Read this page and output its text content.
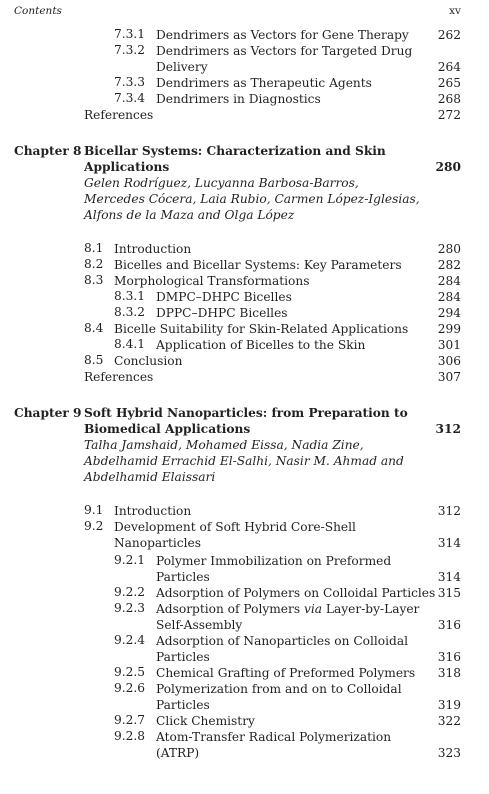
Contents	xv
7.3.1 Dendrimers as Vectors for Gene Therapy 262
7.3.2 Dendrimers as Vectors for Targeted Drug
Delivery	264
7.3.3 Dendrimers as Therapeutic Agents	265
7.3.4 Dendrimers in Diagnostics	268
References	272
Chapter 8 Bicellar Systems: Characterization and Skin
Applications	280
Gelen Rodríguez, Lucyanna Barbosa-Barros,
Mercedes Cócera, Laia Rubio, Carmen López-Iglesias,
Alfons de la Maza and Olga López
8.1 Introduction	280
8.2 Bicelles and Bicellar Systems: Key Parameters	282
8.3 Morphological Transformations	284
8.3.1 DMPC–DHPC Bicelles	284
8.3.2 DPPC–DHPC Bicelles	294
8.4 Bicelle Suitability for Skin-Related Applications 299
8.4.1 Application of Bicelles to the Skin	301
8.5 Conclusion	306
References	307
Chapter 9 Soft Hybrid Nanoparticles: from Preparation to
Biomedical Applications	312
Talha Jamshaid, Mohamed Eissa, Nadia Zine,
Abdelhamid Errachid El-Salhi, Nasir M. Ahmad and
Abdelhamid Elaissari
9.1 Introduction	312
9.2 Development of Soft Hybrid Core-Shell
Nanoparticles	314
9.2.1 Polymer Immobilization on Preformed
Particles	314
9.2.2 Adsorption of Polymers on Colloidal Particles 315
9.2.3 Adsorption of Polymers via Layer-by-Layer
Self-Assembly	316
9.2.4 Adsorption of Nanoparticles on Colloidal
Particles	316
9.2.5 Chemical Grafting of Preformed Polymers 318
9.2.6 Polymerization from and on to Colloidal
Particles	319
9.2.7 Click Chemistry	322
9.2.8 Atom-Transfer Radical Polymerization
(ATRP)	323
